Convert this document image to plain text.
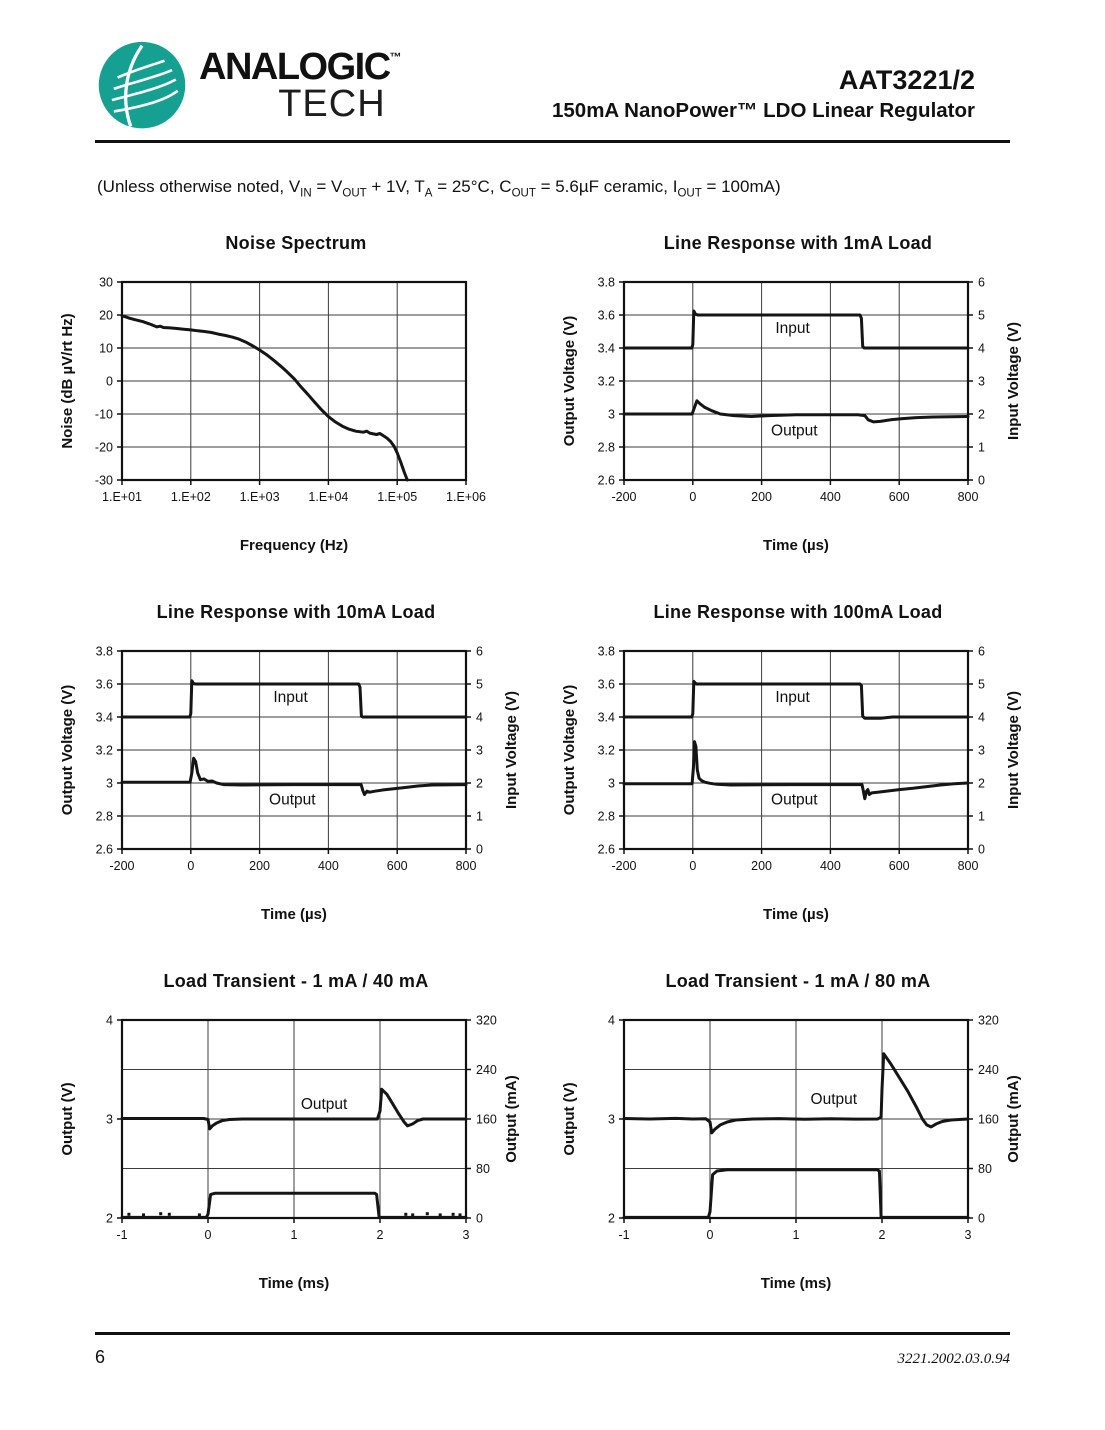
ANALOGIC™
TECH
AAT3221/2
150mA NanoPower™ LDO Linear Regulator

(Unless otherwise noted, $V_{IN} = V_{OUT} + 1V$, $T_A = 25^\circ C$, $C_{OUT} = 5.6\mu F$ ceramic, $I_{OUT} = 100mA$)

Noise Spectrum
1.E+01 1.E+02 1.E+03 1.E+04 1.E+05 1.E+06
30
20
10
0
-10
-20
-30
Frequency (Hz)
Noise (dB µV/rt Hz)
Line Response with 1mA Load
-200	0	200	400	600	800
3.8
3.6
3.4
3.2
3
2.8
2.6
6
5
4
3
2
1
0
Input
Output
Time (µs)
Output Voltage (V)	Input Voltage (V)
Line Response with 10mA Load
-200	0	200	400	600	800
3.8
3.6
3.4
3.2
3
2.8
2.6
6
5
4
3
2
1
0
Input
Output
Time (µs)
Output Voltage (V)	Input Voltage (V)
Line Response with 100mA Load
-200	0	200	400	600	800
3.8
3.6
3.4
3.2
3
2.8
2.6
6
5
4
3
2
1
0
Input
Output
Time (µs)
Output Voltage (V)	Input Voltage (V)
Load Transient - 1 mA / 40 mA
-1	0	1	2	3
4
3
2
320
240
160
80
0
Output
Time (ms)
Output (V)	Output (mA)
Load Transient - 1 mA / 80 mA
-1	0	1	2	3
4
3
2
320
240
160
80
0
Output
Time (ms)
Output (V)	Output (mA)
6	3221.2002.03.0.94
